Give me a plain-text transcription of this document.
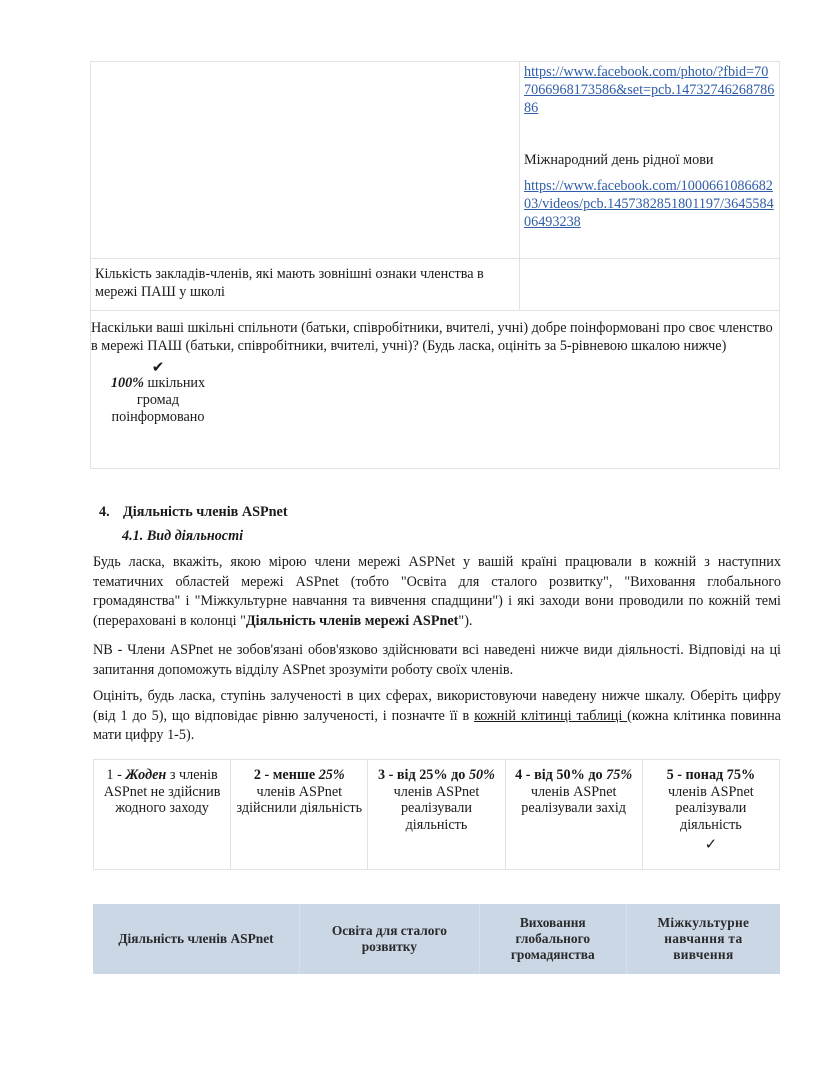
	https://www.facebook.com/photo/?fbid=707066968173586&set=pcb.1473274626878686
Міжнародний день рідної мови
https://www.facebook.com/100066108668203/videos/pcb.1457382851801197/364558406493238

Кількість закладів-членів, які мають зовнішні ознаки членства в мережі ПАШ у школі	

Наскільки ваші шкільні спільноти (батьки, співробітники, вчителі, учні) добре поінформовані про своє членство в мережі ПАШ (батьки, співробітники, вчителі, учні)? (Будь ласка, оцініть за 5-рівневою шкалою нижче)
✔
100% шкільних громад поінформовано	
4. Діяльність членів ASPnet
4.1. Вид діяльності
Будь ласка, вкажіть, якою мірою члени мережі ASPNet у вашій країні працювали в кожній з наступних тематичних областей мережі ASPnet (тобто "Освіта для сталого розвитку", "Виховання глобального громадянства" і "Міжкультурне навчання та вивчення спадщини") і які заходи вони проводили по кожній темі (перераховані в колонці "Діяльність членів мережі ASPnet").
NB - Члени ASPnet не зобов'язані обов'язково здійснювати всі наведені нижче види діяльності. Відповіді на ці запитання допоможуть відділу ASPnet зрозуміти роботу своїх членів.
Оцініть, будь ласка, ступінь залученості в цих сферах, використовуючи наведену нижче шкалу. Оберіть цифру (від 1 до 5), що відповідає рівню залученості, і позначте її в кожній клітинці таблиці (кожна клітинка повинна мати цифру 1-5).
1 - Жоден з членів ASPnet не здійснив жодного заходу	2 - менше 25% членів ASPnet здійснили діяльність	3 - від 25% до 50% членів ASPnet реалізували діяльність	4 - від 50% до 75% членів ASPnet реалізували захід	5 - понад 75% членів ASPnet реалізували діяльність
✓
Діяльність членів ASPnet	Освіта для сталого розвитку	Виховання глобального громадянства	Міжкультурне навчання та вивчення
